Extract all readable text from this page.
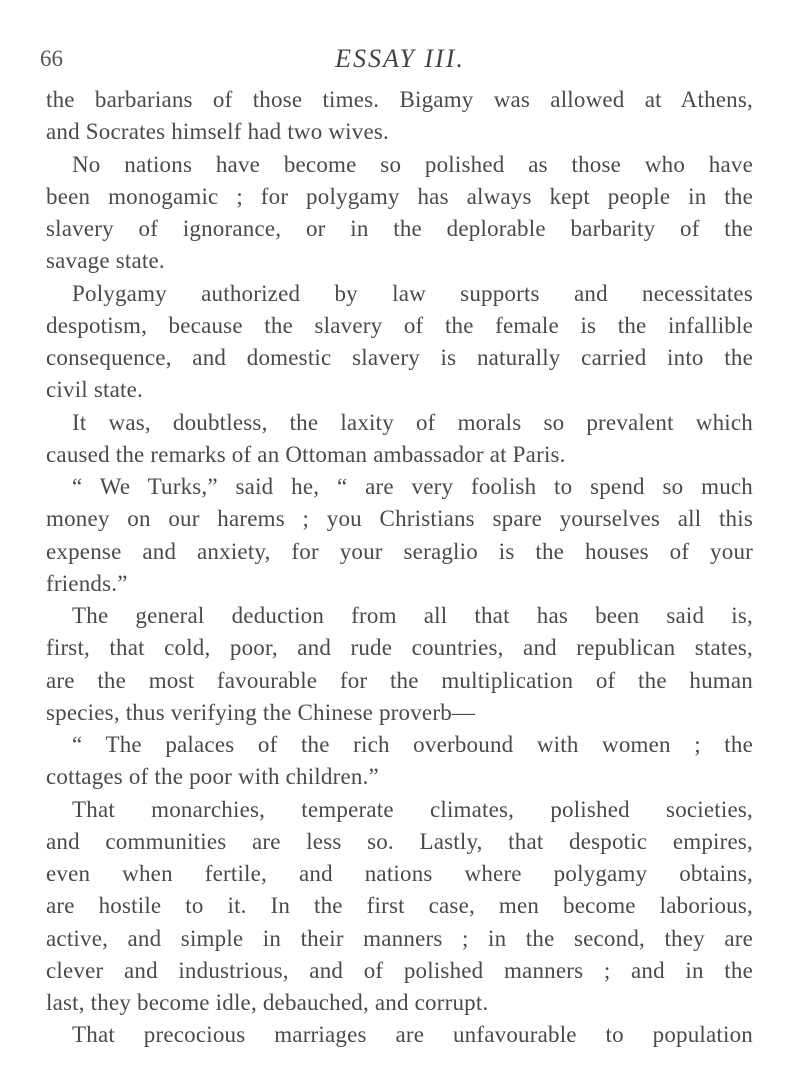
66	ESSAY III.
the barbarians of those times. Bigamy was allowed at Athens,
and Socrates himself had two wives.
No nations have become so polished as those who have
been monogamic ; for polygamy has always kept people in the
slavery of ignorance, or in the deplorable barbarity of the
savage state.
Polygamy authorized by law supports and necessitates
despotism, because the slavery of the female is the infallible
consequence, and domestic slavery is naturally carried into the
civil state.
It was, doubtless, the laxity of morals so prevalent which
caused the remarks of an Ottoman ambassador at Paris.
“ We Turks,” said he, “ are very foolish to spend so much
money on our harems ; you Christians spare yourselves all this
expense and anxiety, for your seraglio is the houses of your
friends.”
The general deduction from all that has been said is,
first, that cold, poor, and rude countries, and republican states,
are the most favourable for the multiplication of the human
species, thus verifying the Chinese proverb—
“ The palaces of the rich overbound with women ; the
cottages of the poor with children.”
That monarchies, temperate climates, polished societies,
and communities are less so. Lastly, that despotic empires,
even when fertile, and nations where polygamy obtains,
are hostile to it. In the first case, men become laborious,
active, and simple in their manners ; in the second, they are
clever and industrious, and of polished manners ; and in the
last, they become idle, debauched, and corrupt.
That precocious marriages are unfavourable to population
